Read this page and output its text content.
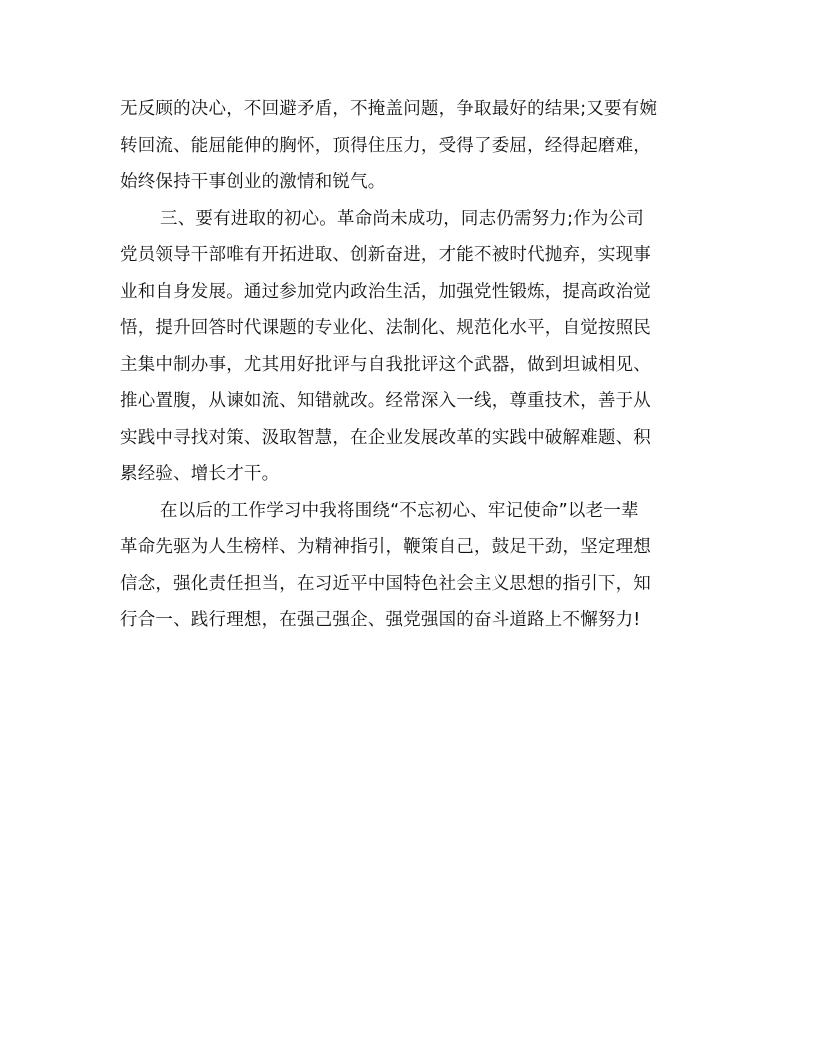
无反顾的决心，不回避矛盾，不掩盖问题，争取最好的结果;又要有婉
转回流、能屈能伸的胸怀，顶得住压力，受得了委屈，经得起磨难，
始终保持干事创业的激情和锐气。
三、要有进取的初心。革命尚未成功，同志仍需努力;作为公司
党员领导干部唯有开拓进取、创新奋进，才能不被时代抛弃，实现事
业和自身发展。通过参加党内政治生活，加强党性锻炼，提高政治觉
悟，提升回答时代课题的专业化、法制化、规范化水平，自觉按照民
主集中制办事，尤其用好批评与自我批评这个武器，做到坦诚相见、
推心置腹，从谏如流、知错就改。经常深入一线，尊重技术，善于从
实践中寻找对策、汲取智慧，在企业发展改革的实践中破解难题、积
累经验、增长才干。
在以后的工作学习中我将围绕“不忘初心、牢记使命”以老一辈
革命先驱为人生榜样、为精神指引，鞭策自己，鼓足干劲，坚定理想
信念，强化责任担当，在习近平中国特色社会主义思想的指引下，知
行合一、践行理想，在强己强企、强党强国的奋斗道路上不懈努力!
